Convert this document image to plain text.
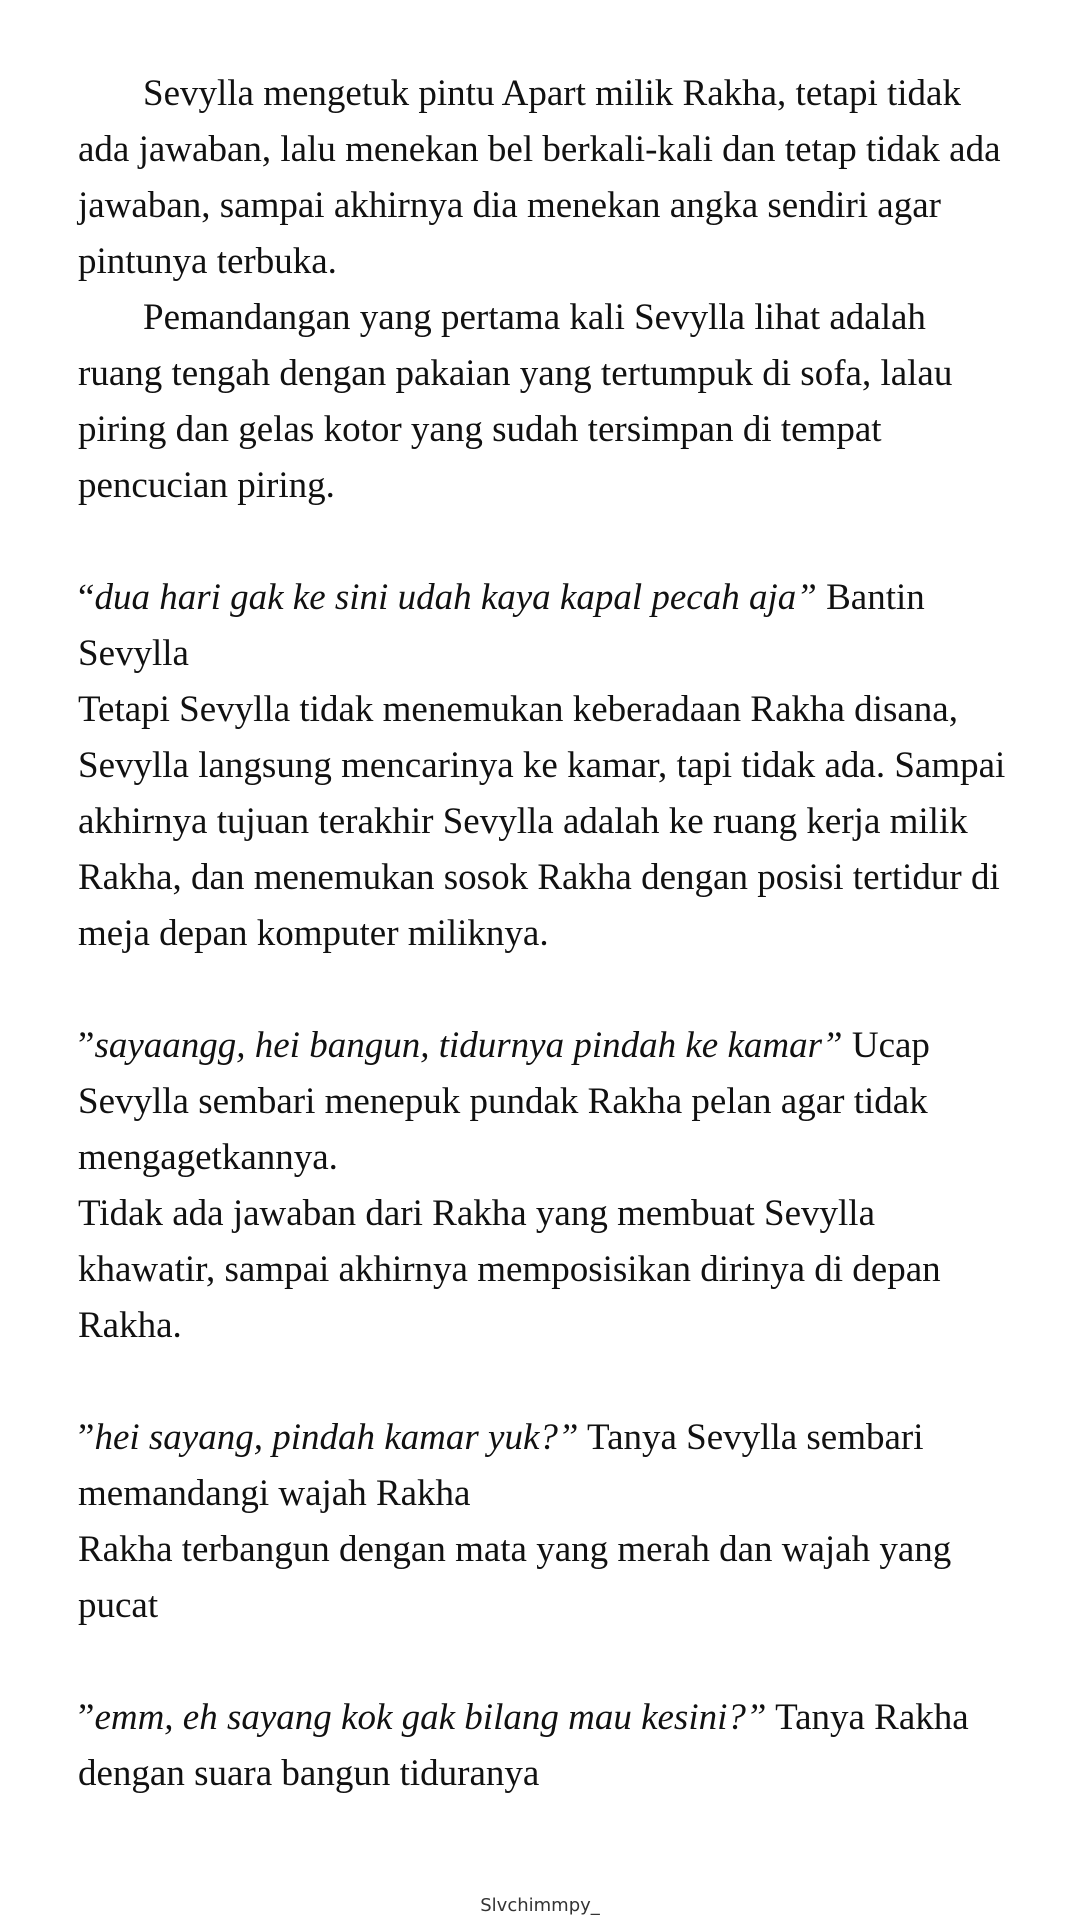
Sevylla mengetuk pintu Apart milik Rakha, tetapi tidak ada jawaban, lalu menekan bel berkali-kali dan tetap tidak ada jawaban, sampai akhirnya dia menekan angka sendiri agar pintunya terbuka.

Pemandangan yang pertama kali Sevylla lihat adalah ruang tengah dengan pakaian yang tertumpuk di sofa, lalau piring dan gelas kotor yang sudah tersimpan di tempat pencucian piring.

“dua hari gak ke sini udah kaya kapal pecah aja” Bantin Sevylla

Tetapi Sevylla tidak menemukan keberadaan Rakha disana, Sevylla langsung mencarinya ke kamar, tapi tidak ada. Sampai akhirnya tujuan terakhir Sevylla adalah ke ruang kerja milik Rakha, dan menemukan sosok Rakha dengan posisi tertidur di meja depan komputer miliknya.

”sayaangg, hei bangun, tidurnya pindah ke kamar” Ucap Sevylla sembari menepuk pundak Rakha pelan agar tidak mengagetkannya.

Tidak ada jawaban dari Rakha yang membuat Sevylla khawatir, sampai akhirnya memposisikan dirinya di depan Rakha.

”hei sayang, pindah kamar yuk?” Tanya Sevylla sembari memandangi wajah Rakha

Rakha terbangun dengan mata yang merah dan wajah yang pucat

”emm, eh sayang kok gak bilang mau kesini?” Tanya Rakha dengan suara bangun tiduranya

Slvchimmpy_
